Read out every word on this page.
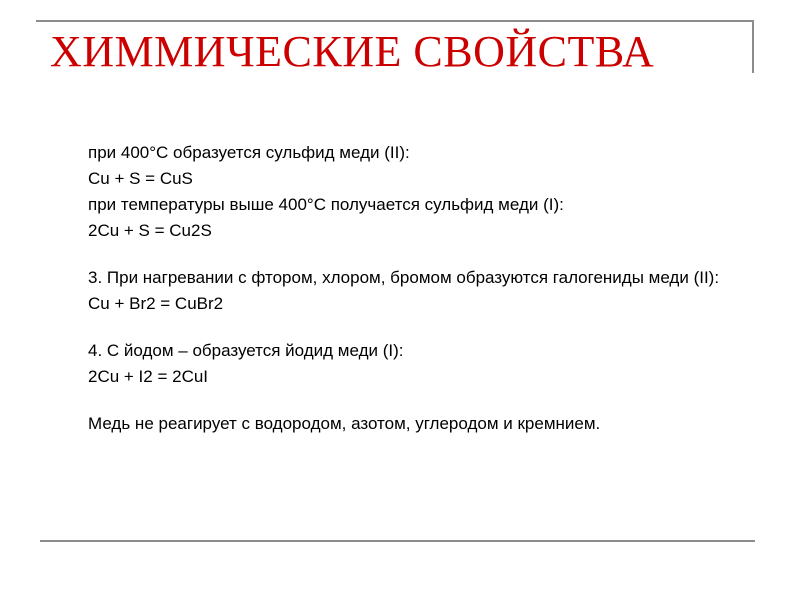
ХИММИЧЕСКИЕ СВОЙСТВА

при 400°С образуется сульфид меди (II):

Cu + S = CuS

при температуры выше 400°С получается сульфид меди (I):

2Cu + S = Cu2S

3. При нагревании с фтором, хлором, бромом образуются галогениды меди (II):

Cu + Br2 = CuBr2

4. С йодом – образуется йодид меди (I):

2Cu + I2 = 2CuI

Медь не реагирует с водородом, азотом, углеродом и кремнием.
